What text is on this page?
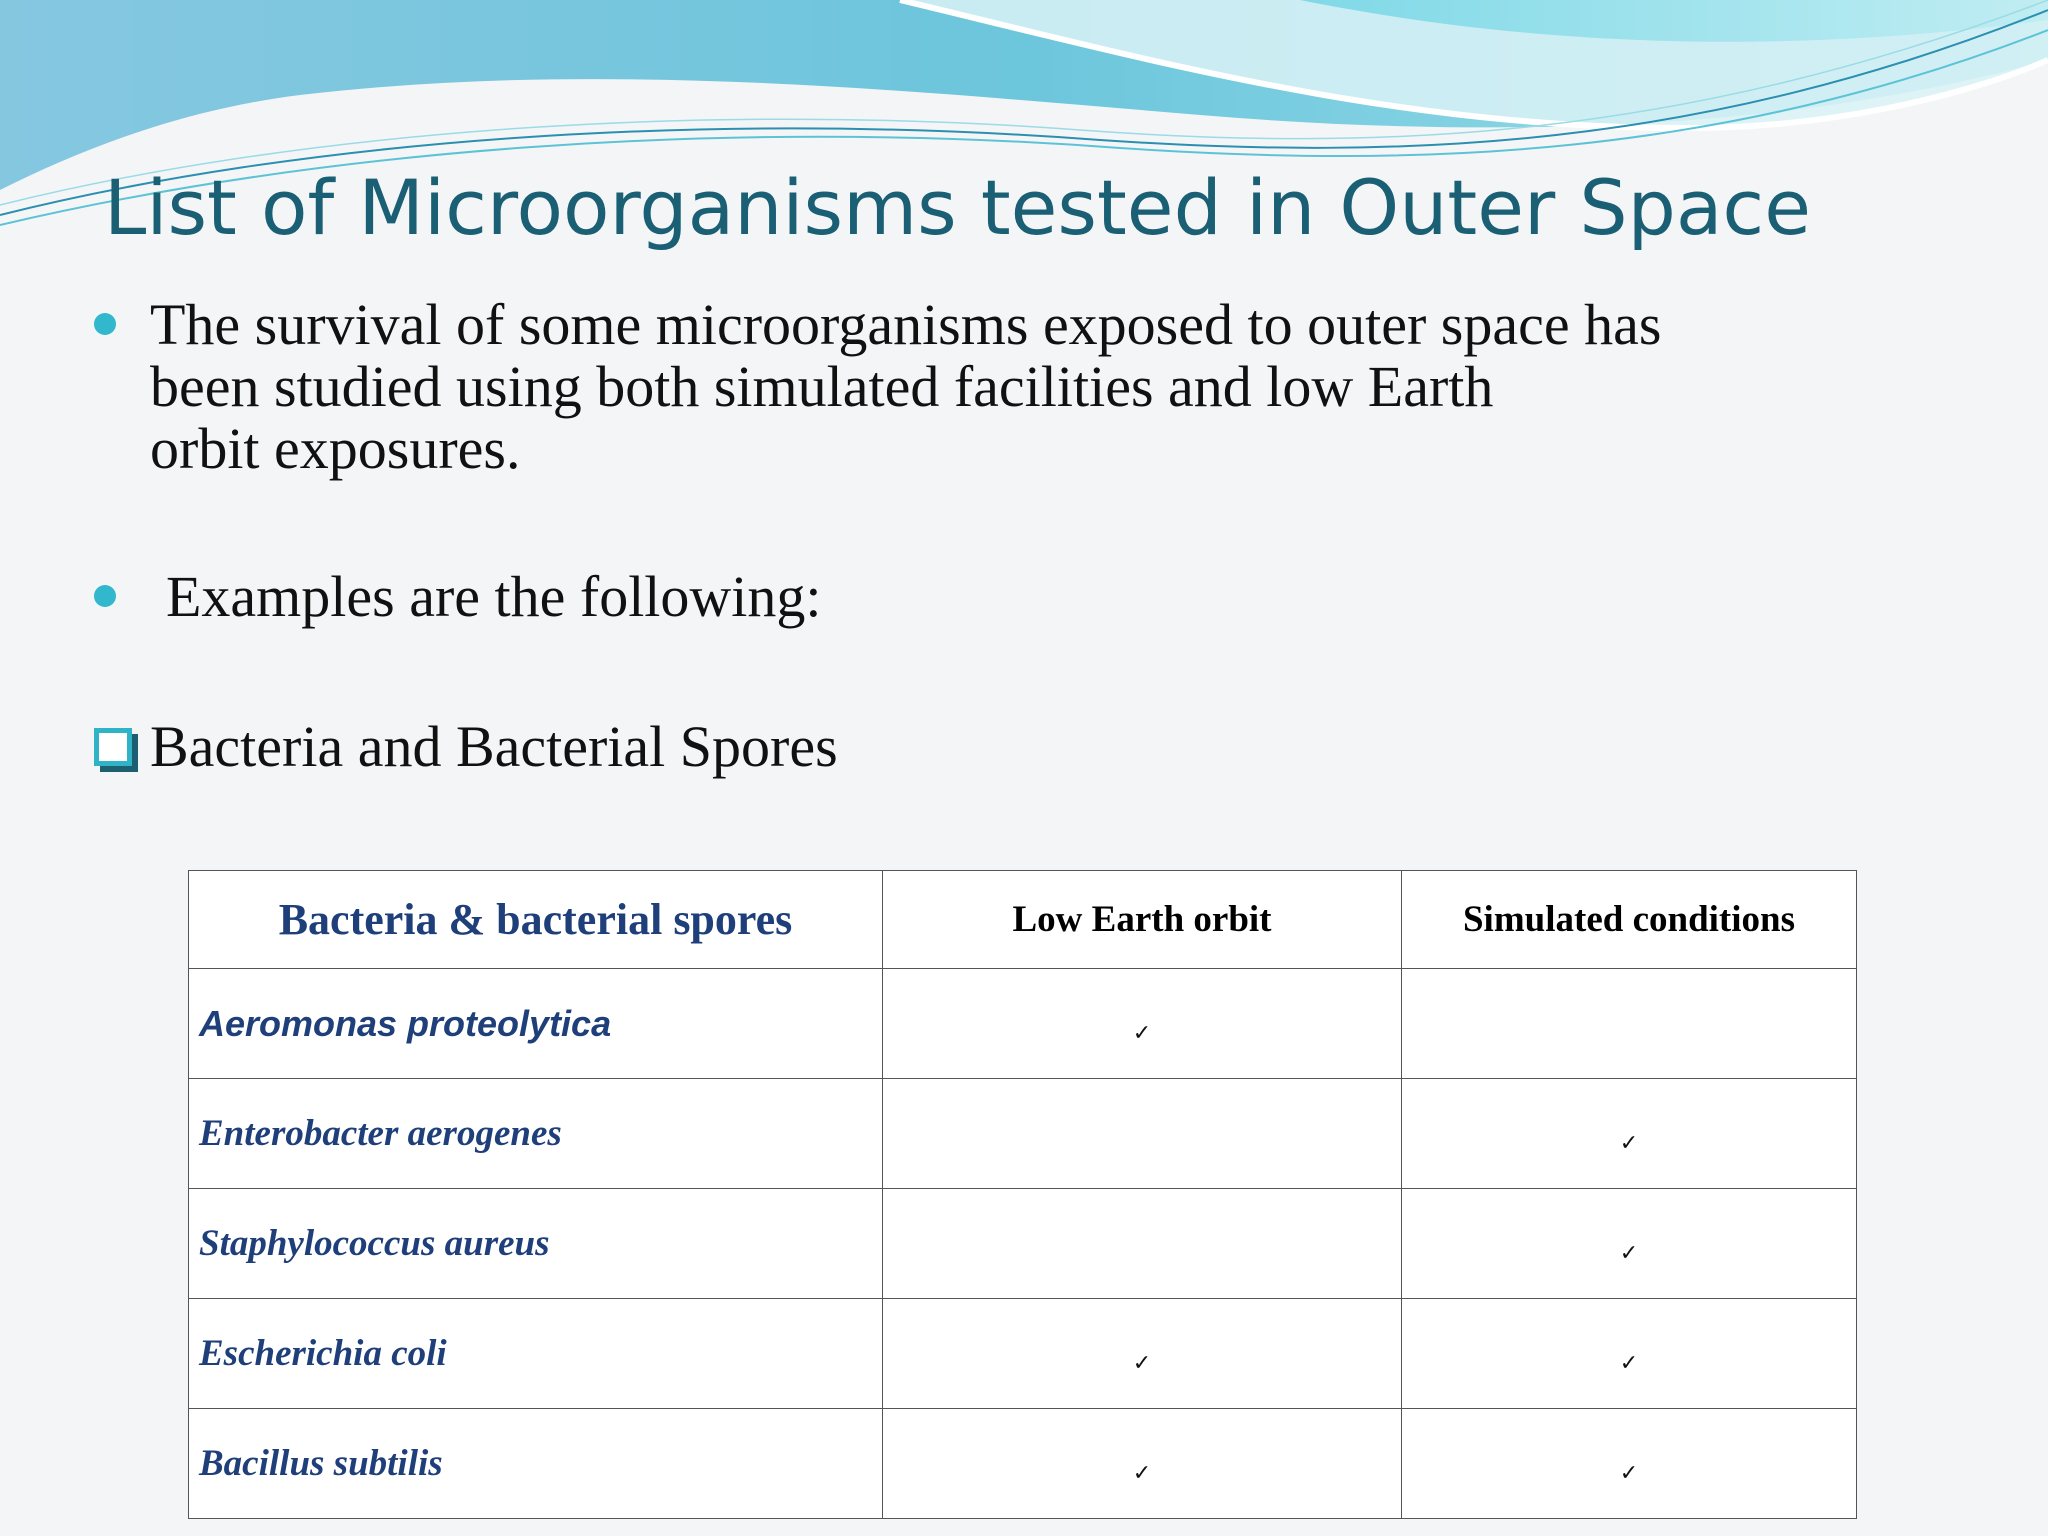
List of Microorganisms tested in Outer Space
The survival of some microorganisms exposed to outer space has
been studied using both simulated facilities and low Earth
orbit exposures.
Examples are the following:
Bacteria and Bacterial Spores
Bacteria & bacterial spores	Low Earth orbit	Simulated conditions
Aeromonas proteolytica	✓	
Enterobacter aerogenes		✓
Staphylococcus aureus		✓
Escherichia coli	✓	✓
Bacillus subtilis	✓	✓
